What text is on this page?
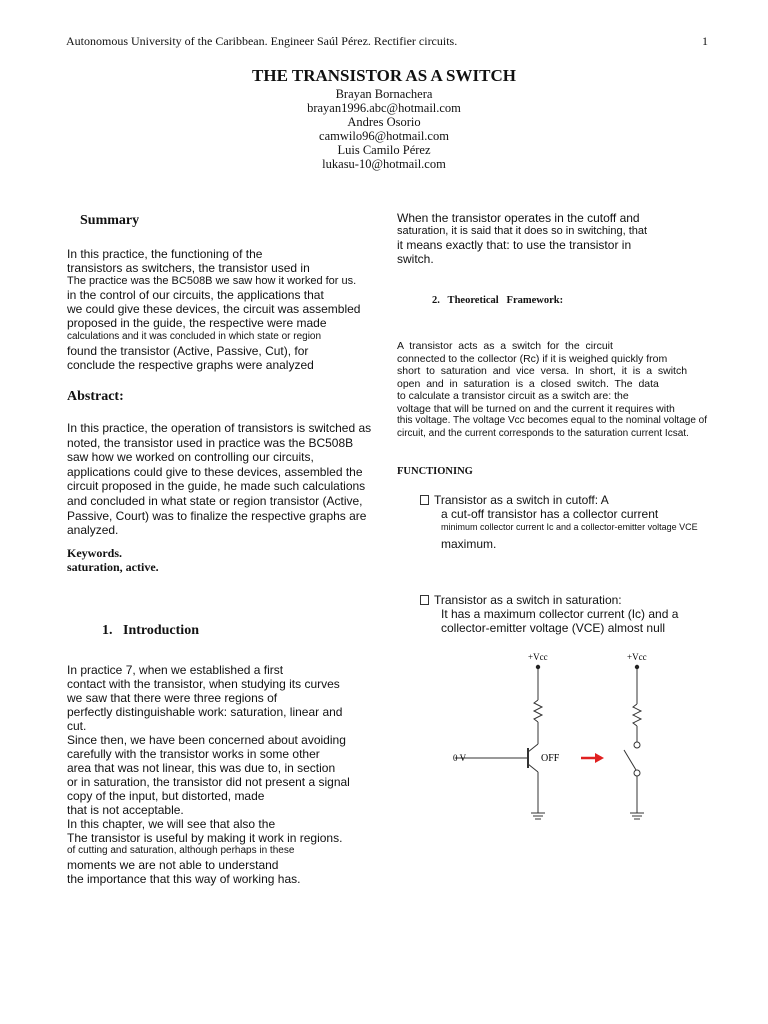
Autonomous University of the Caribbean. Engineer Saúl Pérez. Rectifier circuits.	1
THE TRANSISTOR AS A SWITCH
Brayan Bornachera
brayan1996.abc@hotmail.com
Andres Osorio
camwilo96@hotmail.com
Luis Camilo Pérez
lukasu-10@hotmail.com
Summary
In this practice, the functioning of the
transistors as switchers, the transistor used in
The practice was the BC508B we saw how it worked for us.
in the control of our circuits, the applications that
we could give these devices, the circuit was assembled
proposed in the guide, the respective were made
calculations and it was concluded in which state or region
found the transistor (Active, Passive, Cut), for
conclude the respective graphs were analyzed
Abstract:
In this practice, the operation of transistors is switched as
noted, the transistor used in practice was the BC508B
saw how we worked on controlling our circuits,
applications could give to these devices, assembled the
circuit proposed in the guide, he made such calculations
and concluded in what state or region transistor (Active,
Passive, Court) was to finalize the respective graphs are
analyzed.
Keywords.
saturation, active.
1.   Introduction
In practice 7, when we established a first
contact with the transistor, when studying its curves
we saw that there were three regions of
perfectly distinguishable work: saturation, linear and
cut.
Since then, we have been concerned about avoiding
carefully with the transistor works in some other
area that was not linear, this was due to, in section
or in saturation, the transistor did not present a signal
copy of the input, but distorted, made
that is not acceptable.
In this chapter, we will see that also the
The transistor is useful by making it work in regions.
of cutting and saturation, although perhaps in these
moments we are not able to understand
the importance that this way of working has.
When the transistor operates in the cutoff and
saturation, it is said that it does so in switching, that
it means exactly that: to use the transistor in
switch.
2.   Theoretical   Framework:
A  transistor  acts  as  a  switch  for  the  circuit
connected to the collector (Rc) if it is weighed quickly from
short  to  saturation  and  vice  versa.  In  short,  it  is  a  switch
open  and  in  saturation  is  a  closed  switch.  The  data
to calculate a transistor circuit as a switch are: the
voltage that will be turned on and the current it requires with
this voltage. The voltage Vcc becomes equal to the nominal voltage of
circuit, and the current corresponds to the saturation current Icsat.
FUNCTIONING
Transistor as a switch in cutoff: A
a cut-off transistor has a collector current
minimum collector current Ic and a collector-emitter voltage VCE
maximum.
Transistor as a switch in saturation:
It has a maximum collector current (Ic) and a
collector-emitter voltage (VCE) almost null
+Vcc	+Vcc
0 V	OFF
